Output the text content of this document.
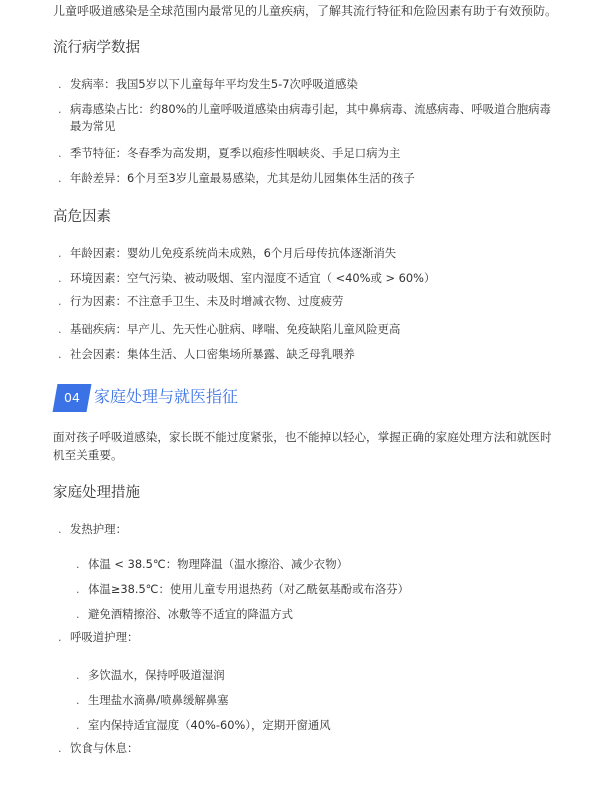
儿童呼吸道感染是全球范围内最常见的儿童疾病，了解其流行特征和危险因素有助于有效预防。
流行病学数据
. 发病率：我国5岁以下儿童每年平均发生5-7次呼吸道感染
. 病毒感染占比：约80%的儿童呼吸道感染由病毒引起，其中鼻病毒、流感病毒、呼吸道合胞病毒最为常见
. 季节特征：冬春季为高发期，夏季以疱疹性咽峡炎、手足口病为主
. 年龄差异：6个月至3岁儿童最易感染，尤其是幼儿园集体生活的孩子
高危因素
. 年龄因素：婴幼儿免疫系统尚未成熟，6个月后母传抗体逐渐消失
. 环境因素：空气污染、被动吸烟、室内湿度不适宜（ <40%或 > 60%）
. 行为因素：不注意手卫生、未及时增减衣物、过度疲劳
. 基础疾病：早产儿、先天性心脏病、哮喘、免疫缺陷儿童风险更高
. 社会因素：集体生活、人口密集场所暴露、缺乏母乳喂养
04 家庭处理与就医指征
面对孩子呼吸道感染，家长既不能过度紧张，也不能掉以轻心，掌握正确的家庭处理方法和就医时机至关重要。
家庭处理措施
. 发热护理：
. 体温 < 38.5℃：物理降温（温水擦浴、减少衣物）
. 体温≥38.5℃：使用儿童专用退热药（对乙酰氨基酚或布洛芬）
. 避免酒精擦浴、冰敷等不适宜的降温方式
. 呼吸道护理：
. 多饮温水，保持呼吸道湿润
. 生理盐水滴鼻/喷鼻缓解鼻塞
. 室内保持适宜湿度（40%-60%），定期开窗通风
. 饮食与休息：
